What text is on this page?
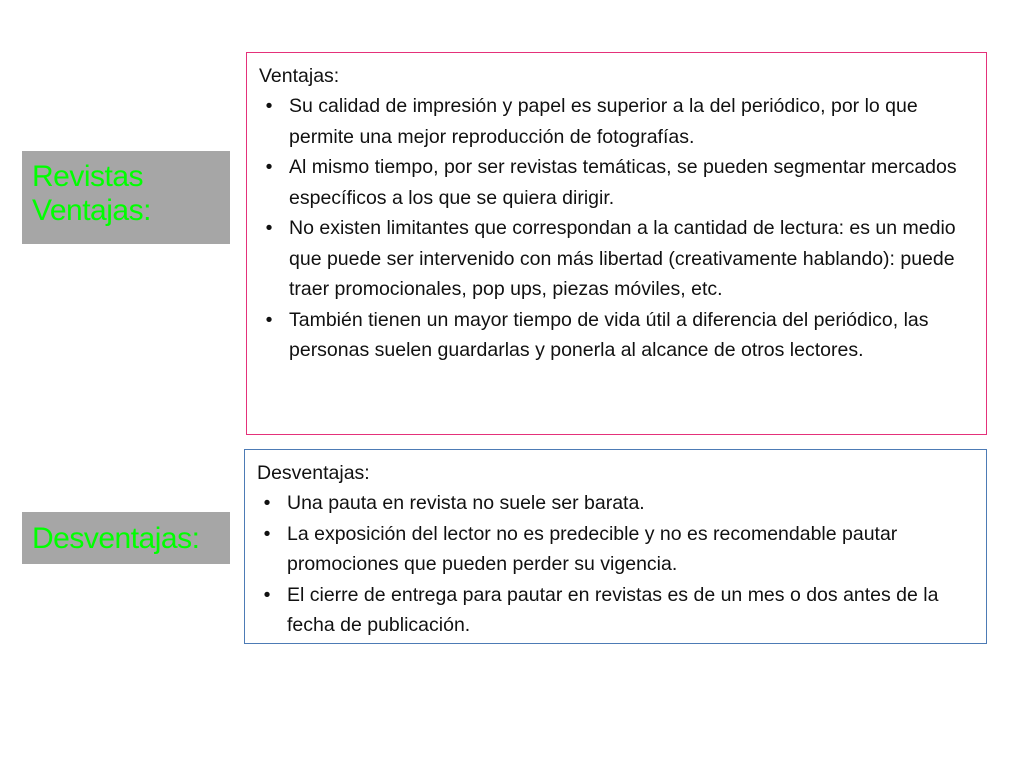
Revistas
Ventajas:
Desventajas:

Ventajas:

• Su calidad de impresión y papel es superior a la del periódico, por lo que permite una mejor reproducción de fotografías.
• Al mismo tiempo, por ser revistas temáticas, se pueden segmentar mercados específicos a los que se quiera dirigir.
• No existen limitantes que correspondan a la cantidad de lectura: es un medio que puede ser intervenido con más libertad (creativamente hablando): puede traer promocionales, pop ups, piezas móviles, etc.
• También tienen un mayor tiempo de vida útil a diferencia del periódico, las personas suelen guardarlas y ponerla al alcance de otros lectores.

Desventajas:

• Una pauta en revista no suele ser barata.
• La exposición del lector no es predecible y no es recomendable pautar promociones que pueden perder su vigencia.
• El cierre de entrega para pautar en revistas es de un mes o dos antes de la fecha de publicación.
